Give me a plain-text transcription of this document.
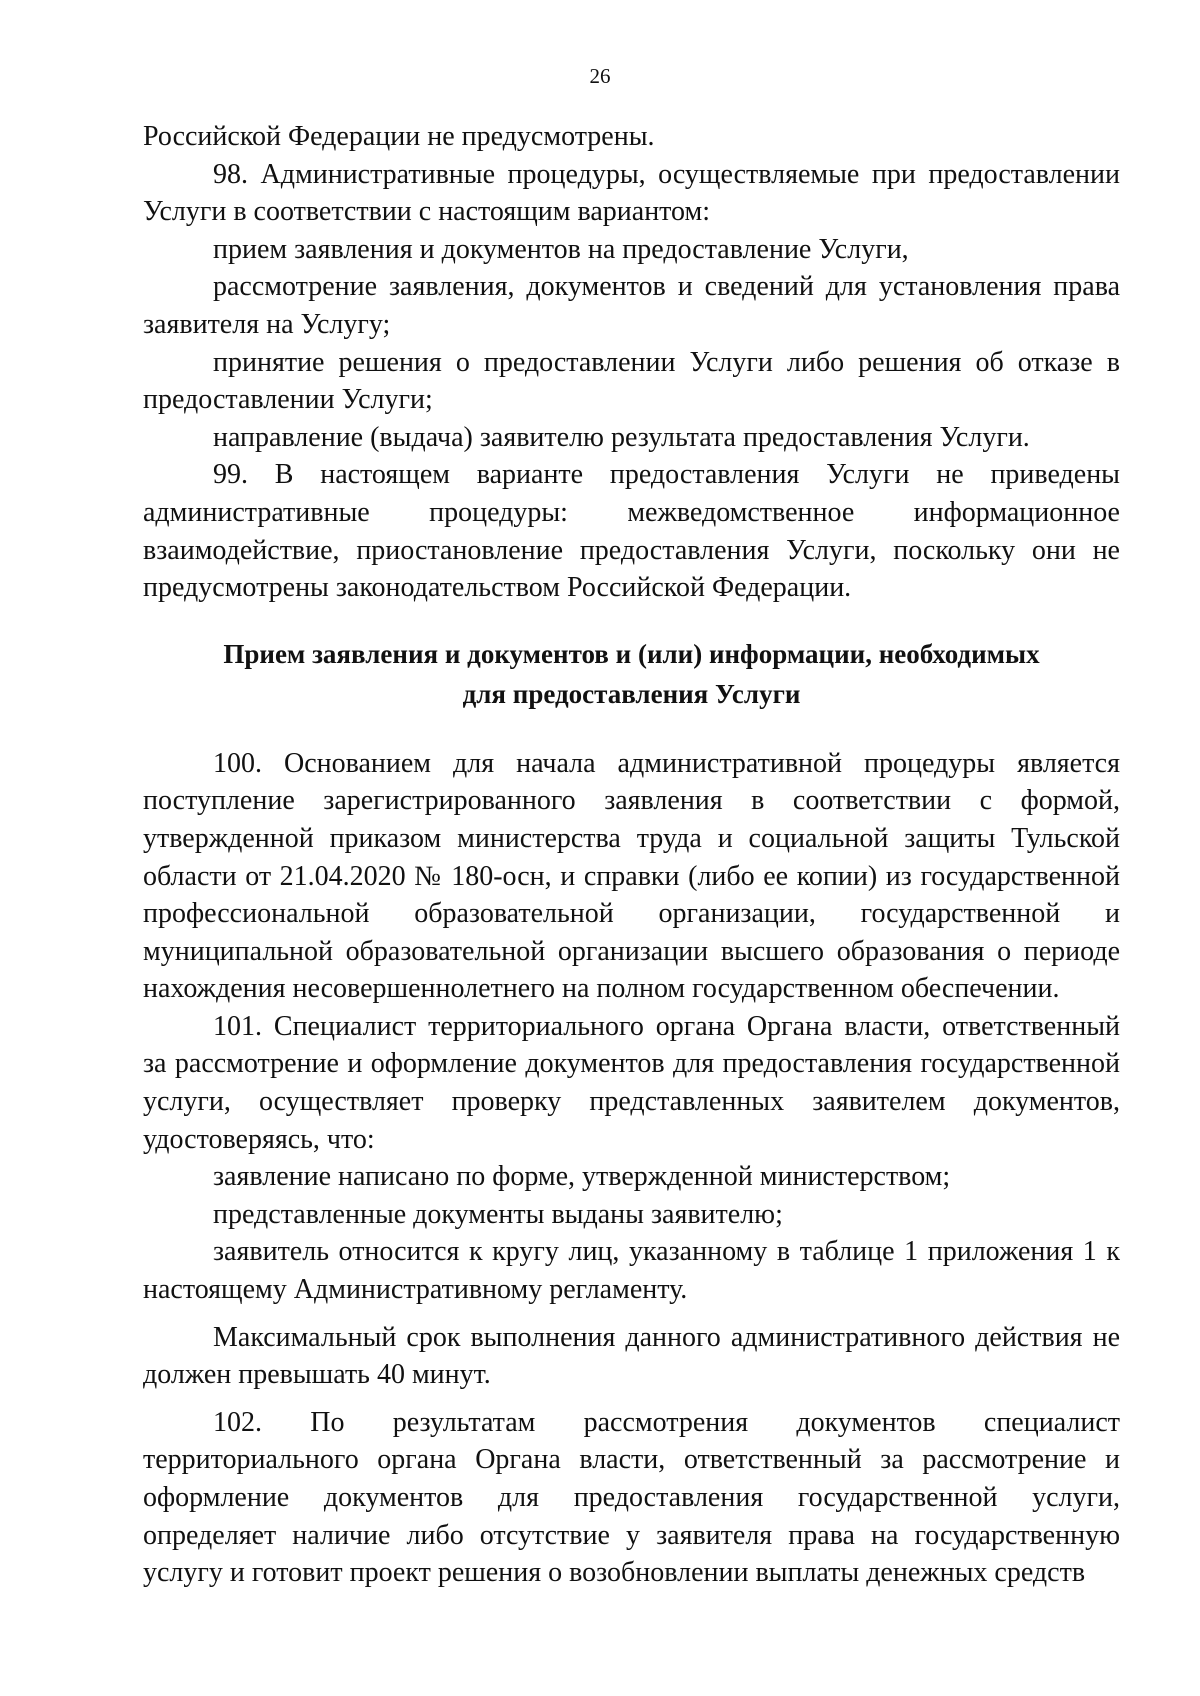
26

Российской Федерации не предусмотрены.

98. Административные процедуры, осуществляемые при предоставлении Услуги в соответствии с настоящим вариантом:

прием заявления и документов на предоставление Услуги,

рассмотрение заявления, документов и сведений для установления права заявителя на Услугу;

принятие решения о предоставлении Услуги либо решения об отказе в предоставлении Услуги;

направление (выдача) заявителю результата предоставления Услуги.

99. В настоящем варианте предоставления Услуги не приведены административные процедуры: межведомственное информационное взаимодействие, приостановление предоставления Услуги, поскольку они не предусмотрены законодательством Российской Федерации.

Прием заявления и документов и (или) информации, необходимых
для предоставления Услуги

100. Основанием для начала административной процедуры является поступление зарегистрированного заявления в соответствии с формой, утвержденной приказом министерства труда и социальной защиты Тульской области от 21.04.2020 № 180-осн, и справки (либо ее копии) из государственной профессиональной образовательной организации, государственной и муниципальной образовательной организации высшего образования о периоде нахождения несовершеннолетнего на полном государственном обеспечении.

101. Специалист территориального органа Органа власти, ответственный за рассмотрение и оформление документов для предоставления государственной услуги, осуществляет проверку представленных заявителем документов, удостоверяясь, что:

заявление написано по форме, утвержденной министерством;

представленные документы выданы заявителю;

заявитель относится к кругу лиц, указанному в таблице 1 приложения 1 к настоящему Административному регламенту.

Максимальный срок выполнения данного административного действия не должен превышать 40 минут.

102. По результатам рассмотрения документов специалист территориального органа Органа власти, ответственный за рассмотрение и оформление документов для предоставления государственной услуги, определяет наличие либо отсутствие у заявителя права на государственную услугу и готовит проект решения о возобновлении выплаты денежных средств
